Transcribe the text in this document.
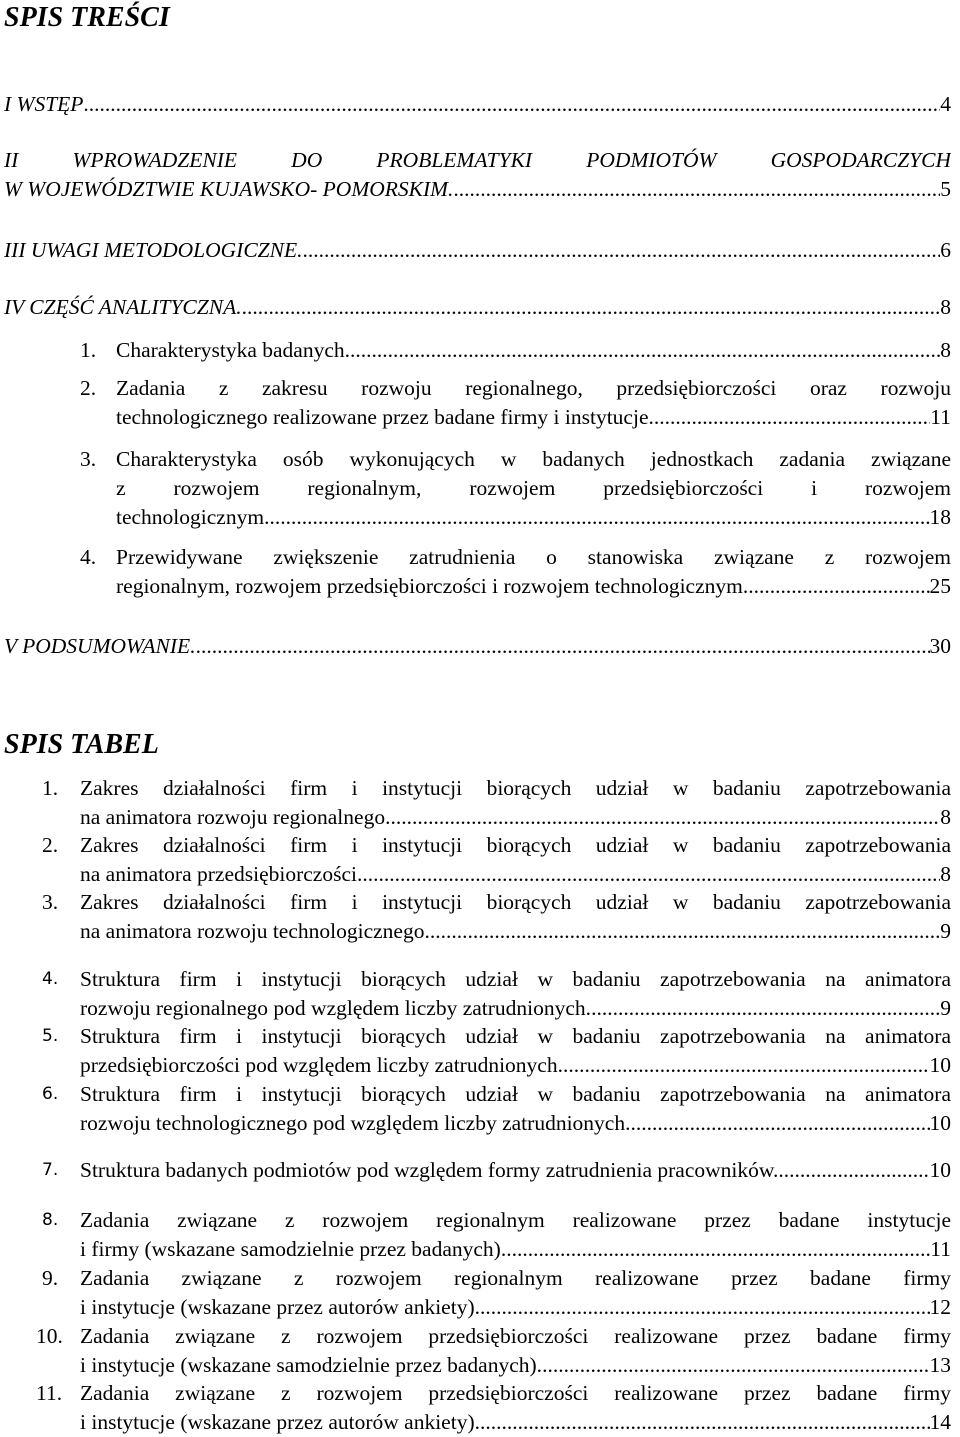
SPIS TREŚCI
I WSTĘP .....	4
II WPROWADZENIE DO PROBLEMATYKI PODMIOTÓW GOSPODARCZYCH
W WOJEWÓDZTWIE KUJAWSKO- POMORSKIM. .....	5
III UWAGI METODOLOGICZNE. .....	6
IV CZĘŚĆ ANALITYCZNA. .....	8
1. Charakterystyka badanych. .....	8
2. Zadania z zakresu rozwoju regionalnego, przedsiębiorczości oraz rozwoju
technologicznego realizowane przez badane firmy i instytucje. .....	11
3. Charakterystyka osób wykonujących w badanych jednostkach zadania związane
z rozwojem regionalnym, rozwojem przedsiębiorczości i rozwojem
technologicznym. .....	18
4. Przewidywane zwiększenie zatrudnienia o stanowiska związane z rozwojem
regionalnym, rozwojem przedsiębiorczości i rozwojem technologicznym. .....	25
V PODSUMOWANIE. .....	30
SPIS TABEL
1. Zakres działalności firm i instytucji biorących udział w badaniu zapotrzebowania
na animatora rozwoju regionalnego. .....	8
2. Zakres działalności firm i instytucji biorących udział w badaniu zapotrzebowania
na animatora przedsiębiorczości. .....	8
3. Zakres działalności firm i instytucji biorących udział w badaniu zapotrzebowania
na animatora rozwoju technologicznego. .....	9
4. Struktura firm i instytucji biorących udział w badaniu zapotrzebowania na animatora
rozwoju regionalnego pod względem liczby zatrudnionych. .....	9
5. Struktura firm i instytucji biorących udział w badaniu zapotrzebowania na animatora
przedsiębiorczości pod względem liczby zatrudnionych. .....	10
6. Struktura firm i instytucji biorących udział w badaniu zapotrzebowania na animatora
rozwoju technologicznego pod względem liczby zatrudnionych. .....	10
7. Struktura badanych podmiotów pod względem formy zatrudnienia pracowników. .....	10
8. Zadania związane z rozwojem regionalnym realizowane przez badane instytucje
i firmy (wskazane samodzielnie przez badanych). .....	11
9. Zadania związane z rozwojem regionalnym realizowane przez badane firmy
i instytucje (wskazane przez autorów ankiety). .....	12
10. Zadania związane z rozwojem przedsiębiorczości realizowane przez badane firmy
i instytucje (wskazane samodzielnie przez badanych). .....	13
11. Zadania związane z rozwojem przedsiębiorczości realizowane przez badane firmy
i instytucje (wskazane przez autorów ankiety). .....	14
